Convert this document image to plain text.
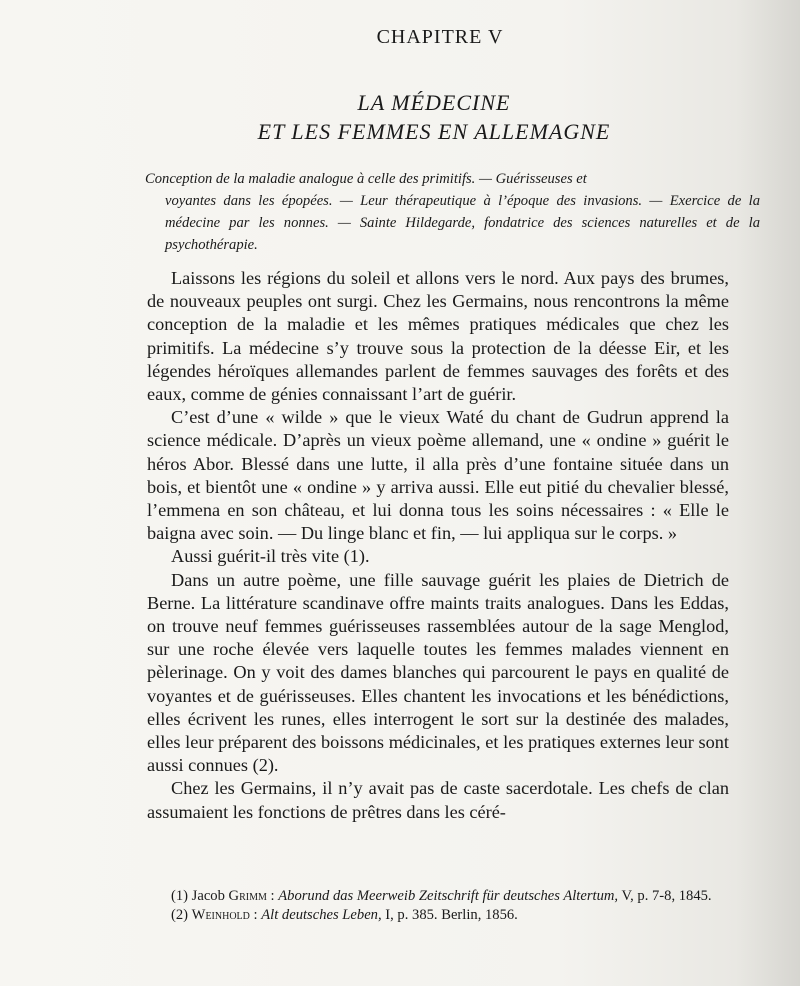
CHAPITRE V
LA MÉDECINE
ET LES FEMMES EN ALLEMAGNE

Conception de la maladie analogue à celle des primitifs. — Guérisseuses et

voyantes dans les épopées. — Leur thérapeutique à l’époque des invasions. — Exercice de la médecine par les nonnes. — Sainte Hildegarde, fondatrice des sciences naturelles et de la psychothérapie.

Laissons les régions du soleil et allons vers le nord. Aux pays des brumes, de nouveaux peuples ont surgi. Chez les Germains, nous rencontrons la même conception de la maladie et les mêmes pratiques médicales que chez les primitifs. La médecine s’y trouve sous la protection de la déesse Eir, et les légendes héroïques allemandes parlent de femmes sauvages des forêts et des eaux, comme de génies connaissant l’art de guérir.

C’est d’une « wilde » que le vieux Waté du chant de Gudrun apprend la science médicale. D’après un vieux poème allemand, une « ondine » guérit le héros Abor. Blessé dans une lutte, il alla près d’une fontaine située dans un bois, et bientôt une « ondine » y arriva aussi. Elle eut pitié du chevalier blessé, l’emmena en son château, et lui donna tous les soins nécessaires : « Elle le baigna avec soin. — Du linge blanc et fin, — lui appliqua sur le corps. »

Aussi guérit-il très vite (1).

Dans un autre poème, une fille sauvage guérit les plaies de Dietrich de Berne. La littérature scandinave offre maints traits analogues. Dans les Eddas, on trouve neuf femmes guérisseuses rassemblées autour de la sage Menglod, sur une roche élevée vers laquelle toutes les femmes malades viennent en pèlerinage. On y voit des dames blanches qui parcourent le pays en qualité de voyantes et de guérisseuses. Elles chantent les invocations et les bénédictions, elles écrivent les runes, elles interrogent le sort sur la destinée des malades, elles leur préparent des boissons médicinales, et les pratiques externes leur sont aussi connues (2).

Chez les Germains, il n’y avait pas de caste sacerdotale. Les chefs de clan assumaient les fonctions de prêtres dans les céré-

(1) Jacob Grimm : Aborund das Meerweib Zeitschrift für deutsches Altertum, V, p. 7-8, 1845.

(2) Weinhold : Alt deutsches Leben, I, p. 385. Berlin, 1856.
